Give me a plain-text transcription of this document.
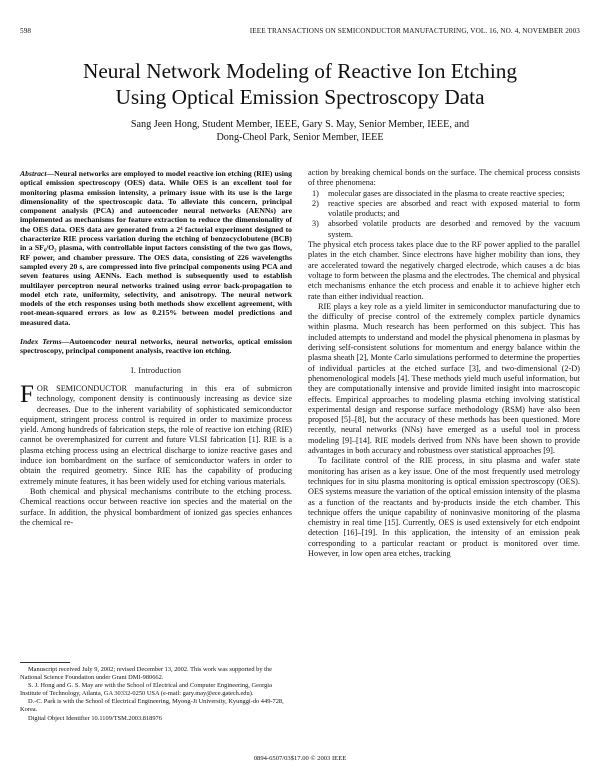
598	IEEE TRANSACTIONS ON SEMICONDUCTOR MANUFACTURING, VOL. 16, NO. 4, NOVEMBER 2003
Neural Network Modeling of Reactive Ion Etching
Using Optical Emission Spectroscopy Data
Sang Jeen Hong, Student Member, IEEE, Gary S. May, Senior Member, IEEE, and
Dong-Cheol Park, Senior Member, IEEE
Abstract—Neural networks are employed to model reactive ion etching (RIE) using optical emission spectroscopy (OES) data. While OES is an excellent tool for monitoring plasma emission intensity, a primary issue with its use is the large dimensionality of the spectroscopic data. To alleviate this concern, principal component analysis (PCA) and autoencoder neural networks (AENNs) are implemented as mechanisms for feature extraction to reduce the dimensionality of the OES data. OES data are generated from a 2⁴ factorial experiment designed to characterize RIE process variation during the etching of benzocyclobutene (BCB) in a SF₆/O₂ plasma, with controllable input factors consisting of the two gas flows, RF power, and chamber pressure. The OES data, consisting of 226 wavelengths sampled every 20 s, are compressed into five principal components using PCA and seven features using AENNs. Each method is subsequently used to establish multilayer perceptron neural networks trained using error back-propagation to model etch rate, uniformity, selectivity, and anisotropy. The neural network models of the etch responses using both methods show excellent agreement, with root-mean-squared errors as low as 0.215% between model predictions and measured data.
Index Terms—Autoencoder neural networks, neural networks, optical emission spectroscopy, principal component analysis, reactive ion etching.
I. Introduction

FOR SEMICONDUCTOR manufacturing in this era of submicron technology, component density is continuously increasing as device size decreases. Due to the inherent variability of sophisticated semiconductor equipment, stringent process control is required in order to maximize process yield. Among hundreds of fabrication steps, the role of reactive ion etching (RIE) cannot be overemphasized for current and future VLSI fabrication [1]. RIE is a plasma etching process using an electrical discharge to ionize reactive gases and induce ion bombardment on the surface of semiconductor wafers in order to obtain the required geometry. Since RIE has the capability of producing extremely minute features, it has been widely used for etching various materials.

Both chemical and physical mechanisms contribute to the etching process. Chemical reactions occur between reactive ion species and the material on the surface. In addition, the physical bombardment of ionized gas species enhances the chemical re-

Manuscript received July 9, 2002; revised December 13, 2002. This work was supported by the National Science Foundation under Grant DMI-980662.
S. J. Hong and G. S. May are with the School of Electrical and Computer Engineering, Georgia Institute of Technology, Atlanta, GA 30332-0250 USA (e-mail: gary.may@ece.gatech.edu).
D.-C. Park is with the School of Electrical Engineering, Myong-Ji University, Kyunggi-do 449-728, Korea.
Digital Object Identifier 10.1109/TSM.2003.818976

action by breaking chemical bonds on the surface. The chemical process consists of three phenomena:

1) molecular gases are dissociated in the plasma to create reactive species;
2) reactive species are absorbed and react with exposed material to form volatile products; and
3) absorbed volatile products are desorbed and removed by the vacuum system.

The physical etch process takes place due to the RF power applied to the parallel plates in the etch chamber. Since electrons have higher mobility than ions, they are accelerated toward the negatively charged electrode, which causes a dc bias voltage to form between the plasma and the electrodes. The chemical and physical etch mechanisms enhance the etch process and enable it to achieve higher etch rate than either individual reaction.

RIE plays a key role as a yield limiter in semiconductor manufacturing due to the difficulty of precise control of the extremely complex particle dynamics within plasma. Much research has been performed on this subject. This has included attempts to understand and model the physical phenomena in plasmas by deriving self-consistent solutions for momentum and energy balance within the plasma sheath [2], Monte Carlo simulations performed to determine the properties of individual particles at the etched surface [3], and two-dimensional (2-D) phenomenological models [4]. These methods yield much useful information, but they are computationally intensive and provide limited insight into macroscopic effects. Empirical approaches to modeling plasma etching involving statistical experimental design and response surface methodology (RSM) have also been proposed [5]–[8], but the accuracy of these methods has been questioned. More recently, neural networks (NNs) have emerged as a useful tool in process modeling [9]–[14]. RIE models derived from NNs have been shown to provide advantages in both accuracy and robustness over statistical approaches [9].

To facilitate control of the RIE process, in situ plasma and wafer state monitoring has arisen as a key issue. One of the most frequently used metrology techniques for in situ plasma monitoring is optical emission spectroscopy (OES). OES systems measure the variation of the optical emission intensity of the plasma as a function of the reactants and by-products inside the etch chamber. This technique offers the unique capability of noninvasive monitoring of the plasma chemistry in real time [15]. Currently, OES is used extensively for etch endpoint detection [16]–[19]. In this application, the intensity of an emission peak corresponding to a particular reactant or product is monitored over time. However, in low open area etches, tracking

0894-6507/03$17.00 © 2003 IEEE
